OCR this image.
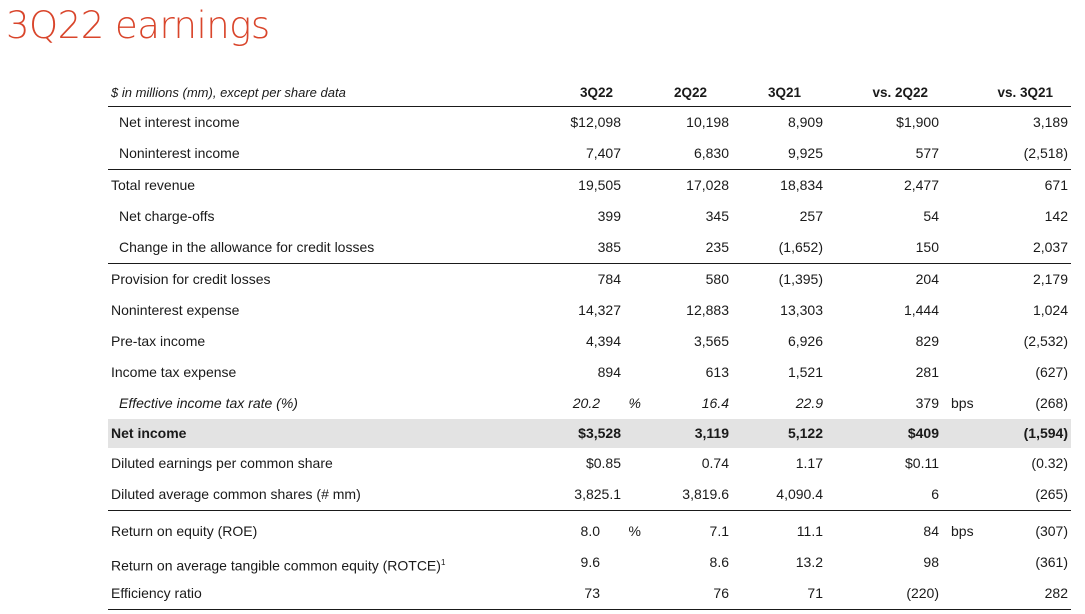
3Q22 earnings
$ in millions (mm), except per share data	3Q22	2Q22	3Q21	vs. 2Q22	vs. 3Q21
Net interest income	$12,098	10,198	8,909	$1,900	3,189
Noninterest income	7,407	6,830	9,925	577	(2,518)
Total revenue	19,505	17,028	18,834	2,477	671
Net charge-offs	399	345	257	54	142
Change in the allowance for credit losses	385	235	(1,652)	150	2,037
Provision for credit losses	784	580	(1,395)	204	2,179
Noninterest expense	14,327	12,883	13,303	1,444	1,024
Pre-tax income	4,394	3,565	6,926	829	(2,532)
Income tax expense	894	613	1,521	281	(627)
Effective income tax rate (%)	20.2 %	16.4	22.9	379 bps	(268)
Net income	$3,528	3,119	5,122	$409	(1,594)
Diluted earnings per common share	$0.85	0.74	1.17	$0.11	(0.32)
Diluted average common shares (# mm)	3,825.1	3,819.6	4,090.4	6	(265)
Return on equity (ROE)	8.0 %	7.1	11.1	84 bps	(307)
Return on average tangible common equity (ROTCE)$^1$	9.6	8.6	13.2	98	(361)
Efficiency ratio	73	76	71	(220)	282
